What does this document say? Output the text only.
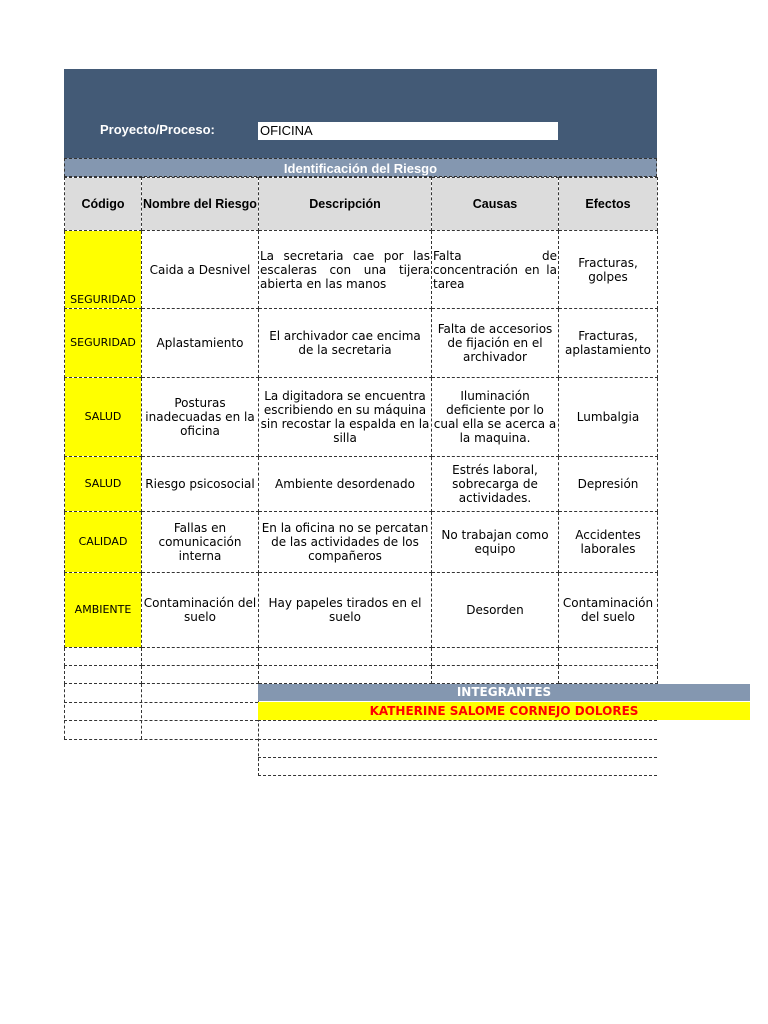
Proyecto/Proceso:	OFICINA
Identificación del Riesgo
Código	Nombre del Riesgo	Descripción	Causas	Efectos
SEGURIDAD	Caida a Desnivel	La secretaria cae por las escaleras con una tijera abierta en las manos	Falta de concentración en la tarea	Fracturas, golpes
SEGURIDAD	Aplastamiento	El archivador cae encima de la secretaria	Falta de accesorios de fijación en el archivador	Fracturas, aplastamiento
SALUD	Posturas inadecuadas en la oficina	La digitadora se encuentra escribiendo en su máquina sin recostar la espalda en la silla	Iluminación deficiente por lo cual ella se acerca a la maquina.	Lumbalgia
SALUD	Riesgo psicosocial	Ambiente desordenado	Estrés laboral, sobrecarga de actividades.	Depresión
CALIDAD	Fallas en comunicación interna	En la oficina no se percatan de las actividades de los compañeros	No trabajan como equipo	Accidentes laborales
AMBIENTE	Contaminación del suelo	Hay papeles tirados en el suelo	Desorden	Contaminación del suelo

INTEGRANTES
KATHERINE SALOME CORNEJO DOLORES
